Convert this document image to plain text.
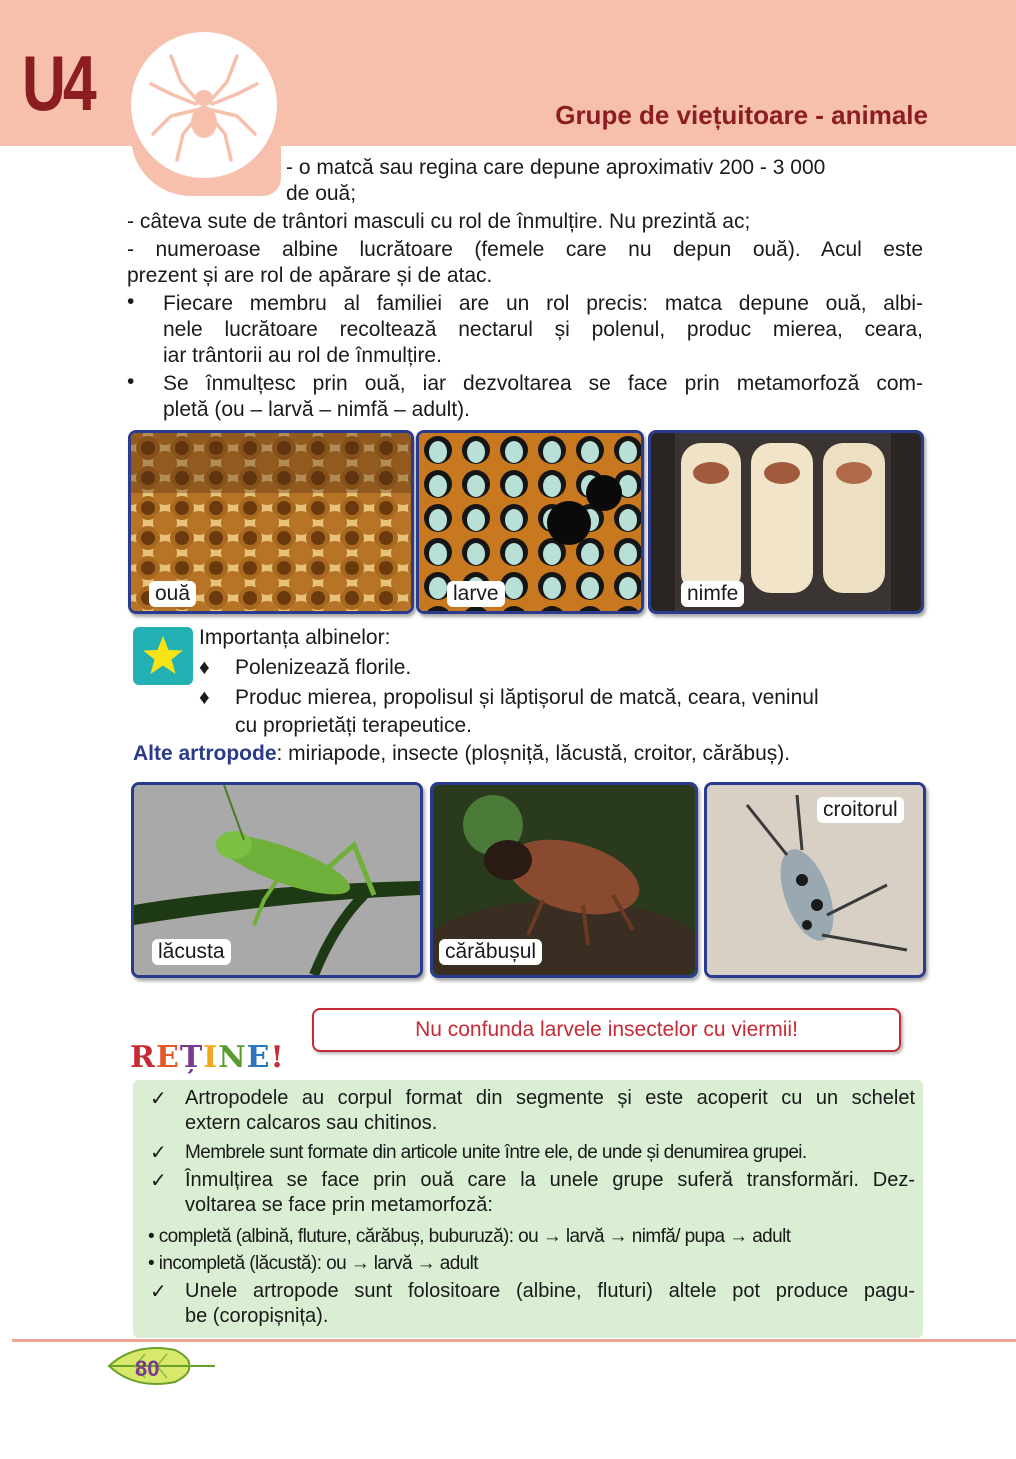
U4	Grupe de viețuitoare - animale
- o matcă sau regina care depune aproximativ 200 - 3 000
de ouă;
- câteva sute de trântori masculi cu rol de înmulțire. Nu prezintă ac;
- numeroase albine lucrătoare (femele care nu depun ouă). Acul este
prezent și are rol de apărare și de atac.
• Fiecare membru al familiei are un rol precis: matca depune ouă, albi-
nele lucrătoare recoltează nectarul și polenul, produc mierea, ceara,
iar trântorii au rol de înmulțire.
• Se înmulțesc prin ouă, iar dezvoltarea se face prin metamorfoză com-
pletă (ou – larvă – nimfă – adult).
ouă	larve	nimfe
Importanța albinelor:
♦ Polenizează florile.
♦ Produc mierea, propolisul și lăptișorul de matcă, ceara, veninul
cu proprietăți terapeutice.
Alte artropode: miriapode, insecte (ploșniță, lăcustă, croitor, cărăbuș).
lăcusta	cărăbușul
croitorul
Nu confunda larvele insectelor cu viermii!
REȚINE!
✓ Artropodele au corpul format din segmente și este acoperit cu un schelet
extern calcaros sau chitinos.
✓ Membrele sunt formate din articole unite între ele, de unde și denumirea grupei.
✓ Înmulțirea se face prin ouă care la unele grupe suferă transformări. Dez-
voltarea se face prin metamorfoză:
• completă (albină, fluture, cărăbuș, buburuză): ou → larvă → nimfă/ pupa → adult
• incompletă (lăcustă): ou → larvă → adult
✓ Unele artropode sunt folositoare (albine, fluturi) altele pot produce pagu-
be (coropișnița).
80
